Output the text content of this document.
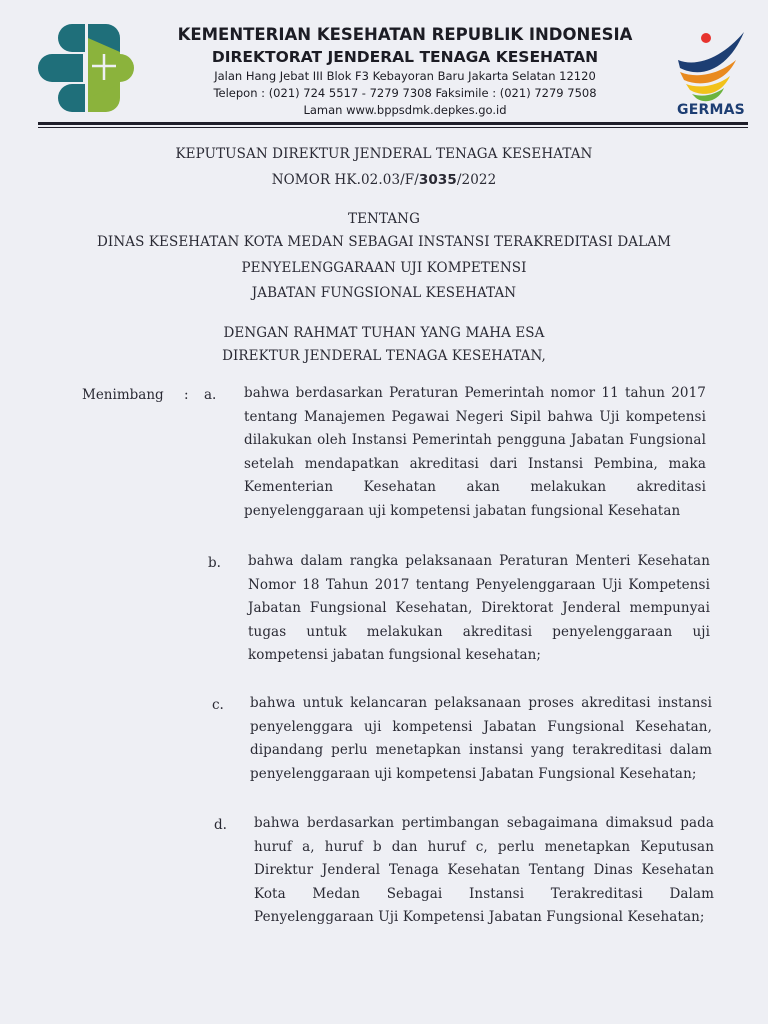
KEMENTERIAN KESEHATAN REPUBLIK INDONESIA
DIREKTORAT JENDERAL TENAGA KESEHATAN
Jalan Hang Jebat III Blok F3 Kebayoran Baru Jakarta Selatan 12120
Telepon : (021) 724 5517 - 7279 7308 Faksimile : (021) 7279 7508
Laman www.bppsdmk.depkes.go.id	GERMAS
KEPUTUSAN DIREKTUR JENDERAL TENAGA KESEHATAN
NOMOR HK.02.03/F/3035/2022
TENTANG
DINAS KESEHATAN KOTA MEDAN SEBAGAI INSTANSI TERAKREDITASI DALAM
PENYELENGGARAAN UJI KOMPETENSI
JABATAN FUNGSIONAL KESEHATAN
DENGAN RAHMAT TUHAN YANG MAHA ESA
DIREKTUR JENDERAL TENAGA KESEHATAN,
Menimbang : a. bahwa berdasarkan Peraturan Pemerintah nomor 11 tahun 2017 tentang Manajemen Pegawai Negeri Sipil bahwa Uji kompetensi dilakukan oleh Instansi Pemerintah pengguna Jabatan Fungsional setelah mendapatkan akreditasi dari Instansi Pembina, maka Kementerian Kesehatan akan melakukan akreditasi penyelenggaraan uji kompetensi jabatan fungsional Kesehatan
b. bahwa dalam rangka pelaksanaan Peraturan Menteri Kesehatan Nomor 18 Tahun 2017 tentang Penyelenggaraan Uji Kompetensi Jabatan Fungsional Kesehatan, Direktorat Jenderal mempunyai tugas untuk melakukan akreditasi penyelenggaraan uji kompetensi jabatan fungsional kesehatan;
c. bahwa untuk kelancaran pelaksanaan proses akreditasi instansi penyelenggara uji kompetensi Jabatan Fungsional Kesehatan, dipandang perlu menetapkan instansi yang terakreditasi dalam penyelenggaraan uji kompetensi Jabatan Fungsional Kesehatan;
d. bahwa berdasarkan pertimbangan sebagaimana dimaksud pada huruf a, huruf b dan huruf c, perlu menetapkan Keputusan Direktur Jenderal Tenaga Kesehatan Tentang Dinas Kesehatan Kota Medan Sebagai Instansi Terakreditasi Dalam Penyelenggaraan Uji Kompetensi Jabatan Fungsional Kesehatan;
